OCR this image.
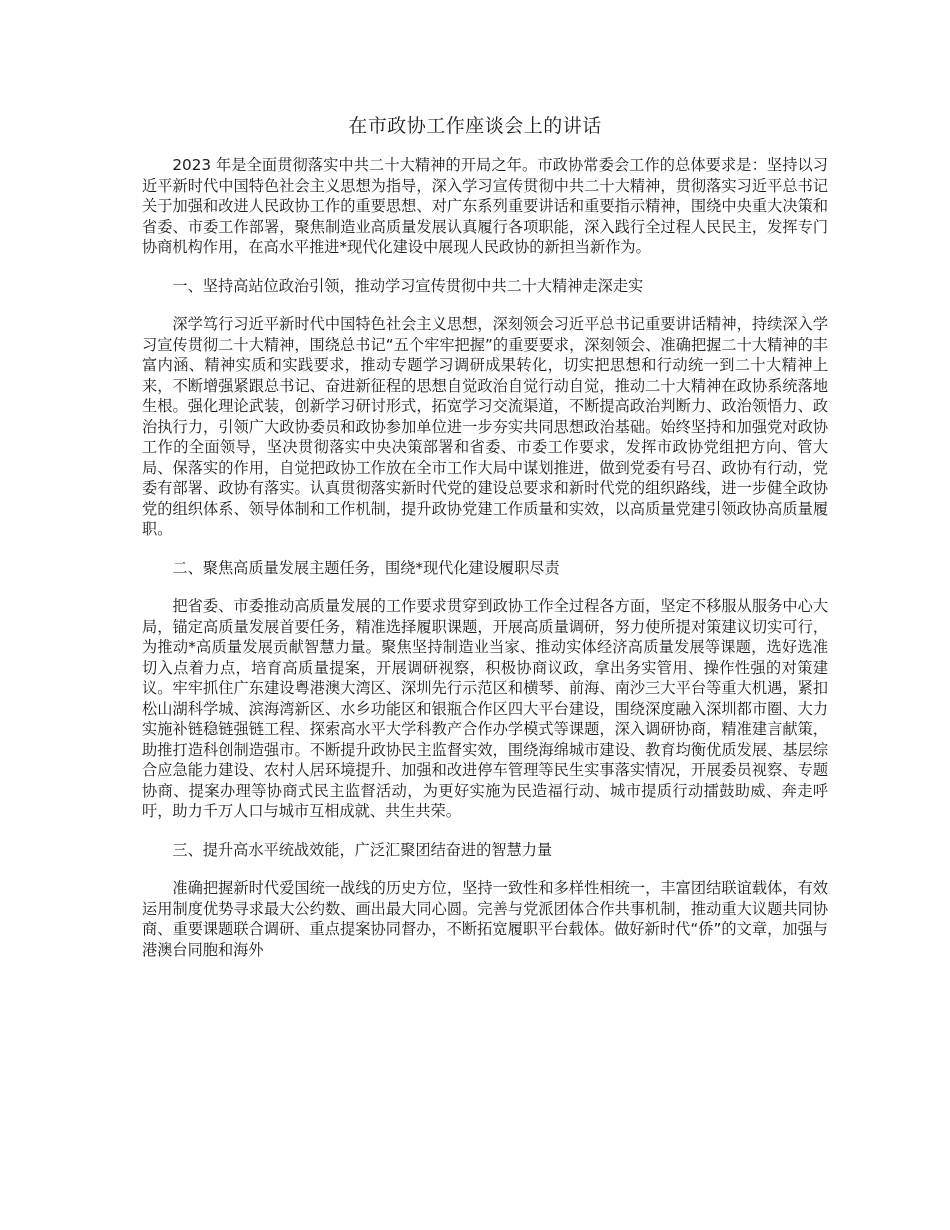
在市政协工作座谈会上的讲话

2023 年是全面贯彻落实中共二十大精神的开局之年。市政协常委会工作的总体要求是：坚持以习近平新时代中国特色社会主义思想为指导，深入学习宣传贯彻中共二十大精神，贯彻落实习近平总书记关于加强和改进人民政协工作的重要思想、对广东系列重要讲话和重要指示精神，围绕中央重大决策和省委、市委工作部署，聚焦制造业高质量发展认真履行各项职能，深入践行全过程人民民主，发挥专门协商机构作用，在高水平推进*现代化建设中展现人民政协的新担当新作为。

一、坚持高站位政治引领，推动学习宣传贯彻中共二十大精神走深走实

深学笃行习近平新时代中国特色社会主义思想，深刻领会习近平总书记重要讲话精神，持续深入学习宣传贯彻二十大精神，围绕总书记“五个牢牢把握”的重要要求，深刻领会、准确把握二十大精神的丰富内涵、精神实质和实践要求，推动专题学习调研成果转化，切实把思想和行动统一到二十大精神上来，不断增强紧跟总书记、奋进新征程的思想自觉政治自觉行动自觉，推动二十大精神在政协系统落地生根。强化理论武装，创新学习研讨形式，拓宽学习交流渠道，不断提高政治判断力、政治领悟力、政治执行力，引领广大政协委员和政协参加单位进一步夯实共同思想政治基础。始终坚持和加强党对政协工作的全面领导，坚决贯彻落实中央决策部署和省委、市委工作要求，发挥市政协党组把方向、管大局、保落实的作用，自觉把政协工作放在全市工作大局中谋划推进，做到党委有号召、政协有行动，党委有部署、政协有落实。认真贯彻落实新时代党的建设总要求和新时代党的组织路线，进一步健全政协党的组织体系、领导体制和工作机制，提升政协党建工作质量和实效，以高质量党建引领政协高质量履职。

二、聚焦高质量发展主题任务，围绕*现代化建设履职尽责

把省委、市委推动高质量发展的工作要求贯穿到政协工作全过程各方面，坚定不移服从服务中心大局，锚定高质量发展首要任务，精准选择履职课题，开展高质量调研，努力使所提对策建议切实可行，为推动*高质量发展贡献智慧力量。聚焦坚持制造业当家、推动实体经济高质量发展等课题，选好选准切入点着力点，培育高质量提案，开展调研视察，积极协商议政，拿出务实管用、操作性强的对策建议。牢牢抓住广东建设粤港澳大湾区、深圳先行示范区和横琴、前海、南沙三大平台等重大机遇，紧扣松山湖科学城、滨海湾新区、水乡功能区和银瓶合作区四大平台建设，围绕深度融入深圳都市圈、大力实施补链稳链强链工程、探索高水平大学科教产合作办学模式等课题，深入调研协商，精准建言献策，助推打造科创制造强市。不断提升政协民主监督实效，围绕海绵城市建设、教育均衡优质发展、基层综合应急能力建设、农村人居环境提升、加强和改进停车管理等民生实事落实情况，开展委员视察、专题协商、提案办理等协商式民主监督活动，为更好实施为民造福行动、城市提质行动擂鼓助威、奔走呼吁，助力千万人口与城市互相成就、共生共荣。

三、提升高水平统战效能，广泛汇聚团结奋进的智慧力量

准确把握新时代爱国统一战线的历史方位，坚持一致性和多样性相统一，丰富团结联谊载体，有效运用制度优势寻求最大公约数、画出最大同心圆。完善与党派团体合作共事机制，推动重大议题共同协商、重要课题联合调研、重点提案协同督办，不断拓宽履职平台载体。做好新时代“侨”的文章，加强与港澳台同胞和海外
